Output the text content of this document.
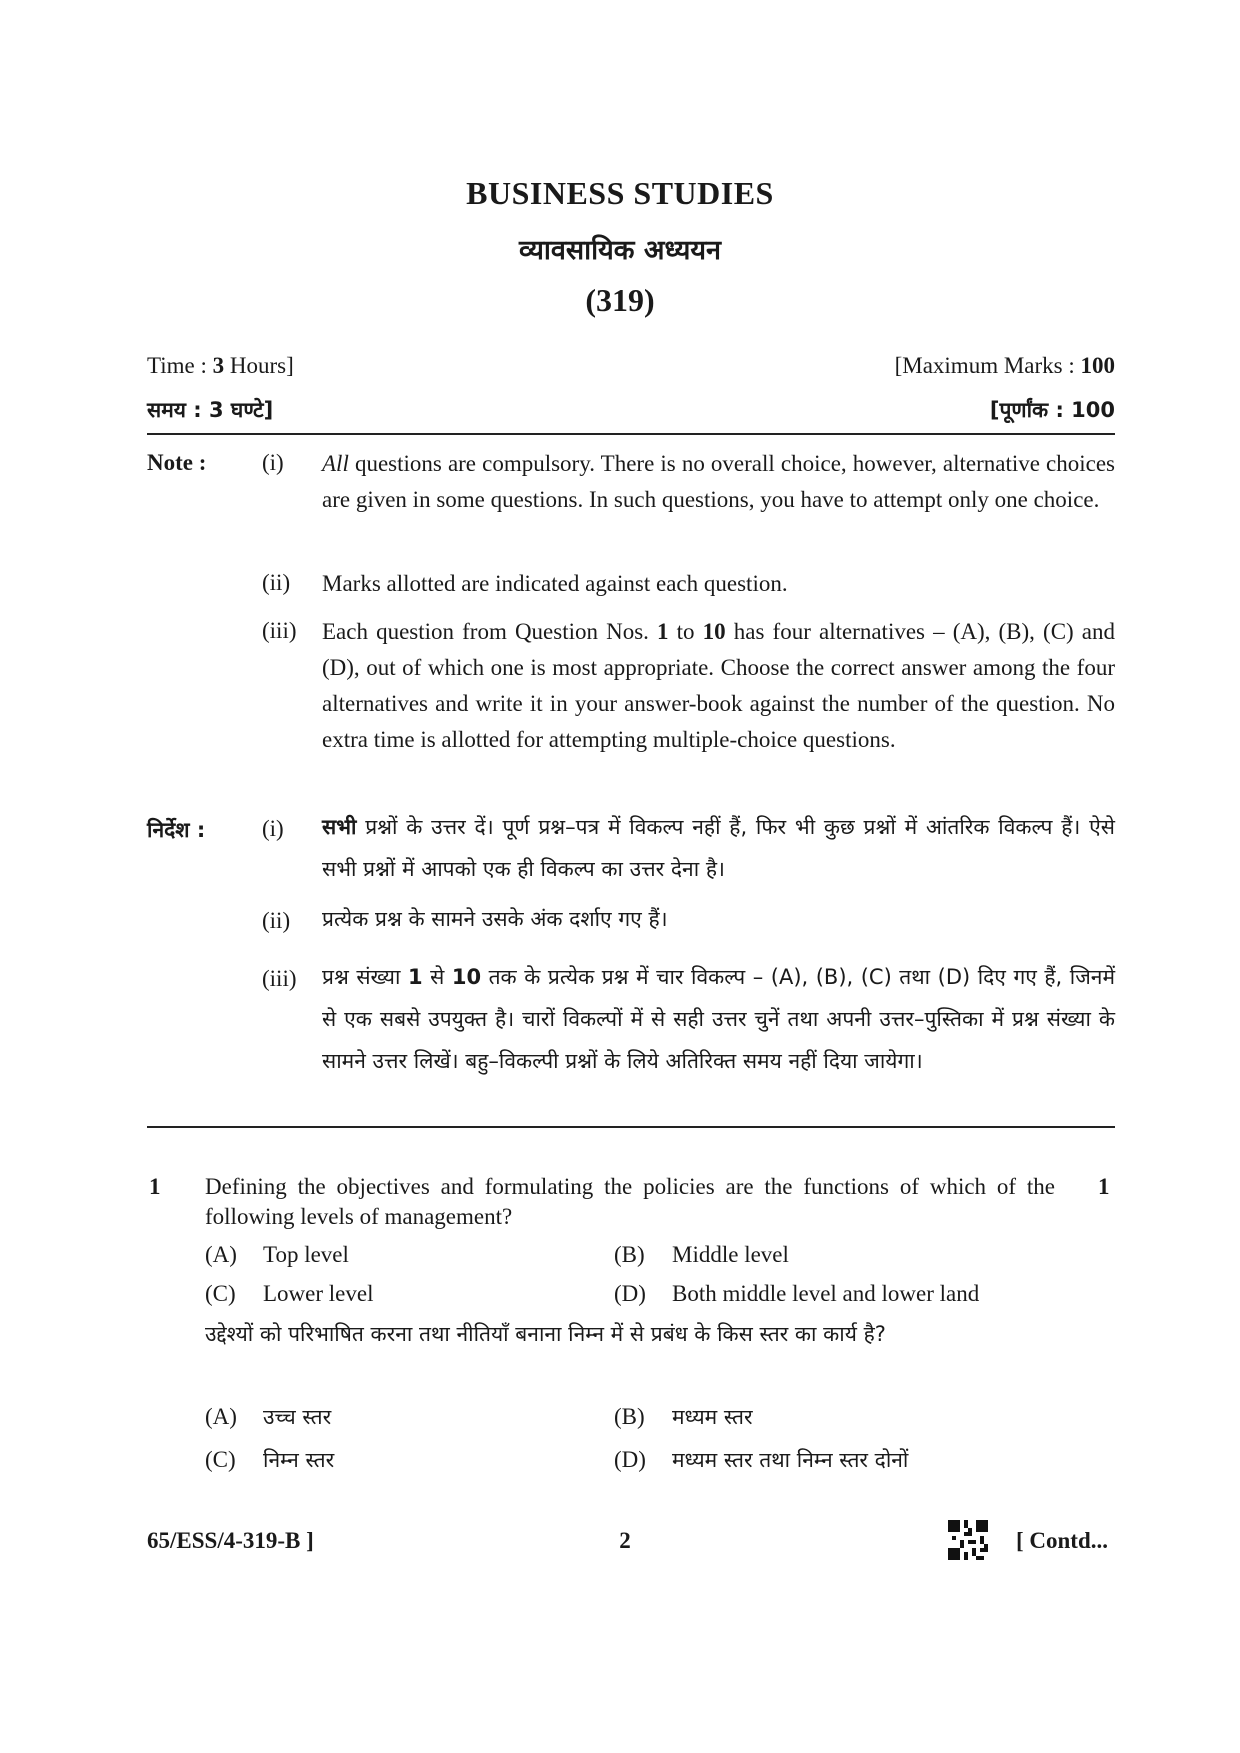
BUSINESS STUDIES
व्यावसायिक अध्ययन
(319)
Time : 3 Hours]	[Maximum Marks : 100
समय : 3 घण्टे]	[पूर्णांक : 100
Note : (i)	All questions are compulsory. There is no overall choice, however, alternative choices are given in some questions. In such questions, you have to attempt only one choice.
(ii)	Marks allotted are indicated against each question.
(iii)	Each question from Question Nos. 1 to 10 has four alternatives – (A), (B), (C) and (D), out of which one is most appropriate. Choose the correct answer among the four alternatives and write it in your answer-book against the number of the question. No extra time is allotted for attempting multiple-choice questions.
निर्देश : (i)	सभी प्रश्नों के उत्तर दें। पूर्ण प्रश्न–पत्र में विकल्प नहीं हैं, फिर भी कुछ प्रश्नों में आंतरिक विकल्प हैं। ऐसे सभी प्रश्नों में आपको एक ही विकल्प का उत्तर देना है।
(ii)	प्रत्येक प्रश्न के सामने उसके अंक दर्शाए गए हैं।
(iii)	प्रश्न संख्या 1 से 10 तक के प्रत्येक प्रश्न में चार विकल्प – (A), (B), (C) तथा (D) दिए गए हैं, जिनमें से एक सबसे उपयुक्त है। चारों विकल्पों में से सही उत्तर चुनें तथा अपनी उत्तर–पुस्तिका में प्रश्न संख्या के सामने उत्तर लिखें। बहु–विकल्पी प्रश्नों के लिये अतिरिक्त समय नहीं दिया जायेगा।
1	1
Defining the objectives and formulating the policies are the functions of which of the following levels of management?
(A) Top level	(B) Middle level
(C) Lower level	(D) Both middle level and lower land
उद्देश्यों को परिभाषित करना तथा नीतियाँ बनाना निम्न में से प्रबंध के किस स्तर का कार्य है?
(A) उच्च स्तर	(B) मध्यम स्तर
(C) निम्न स्तर	(D) मध्यम स्तर तथा निम्न स्तर दोनों
65/ESS/4-319-B ]	2	[ Contd...
